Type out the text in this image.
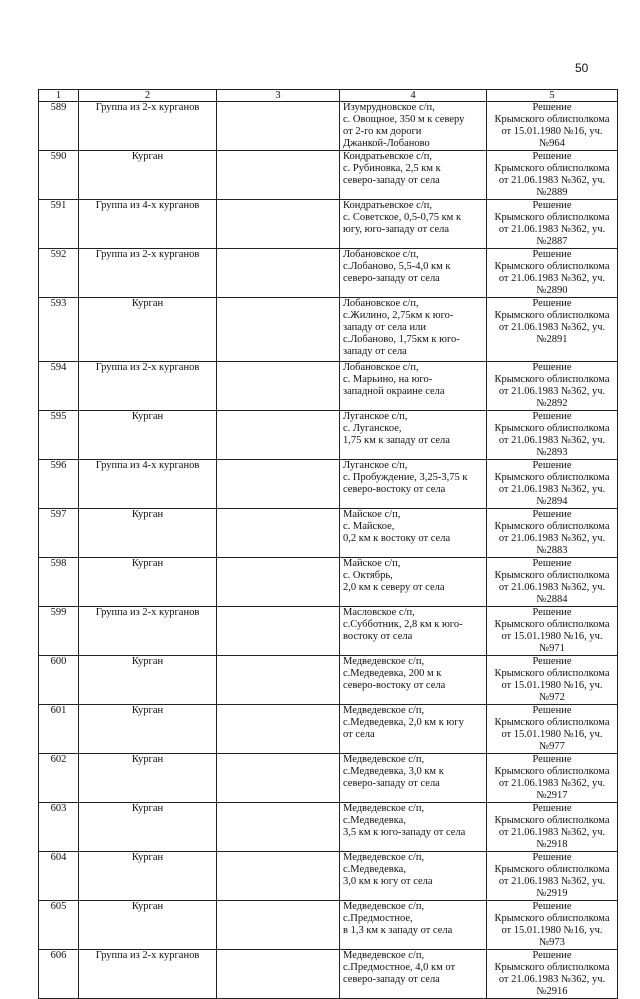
50
1	2	3	4	5
589	Группа из 2-х курганов		Изумрудновское с/п,
с. Овощное, 350 м к северу
от 2-го км дороги
Джанкой-Лобаново	Решение
Крымского облисполкома
от 15.01.1980 №16, уч.№964
590	Курган		Кондратьевское с/п,
с. Рубиновка, 2,5 км к
северо-западу от села	Решение
Крымского облисполкома
от 21.06.1983 №362, уч.№2889
591	Группа из 4-х курганов		Кондратьевское с/п,
с. Советское, 0,5-0,75 км к
югу, юго-западу от села	Решение
Крымского облисполкома
от 21.06.1983 №362, уч.№2887
592	Группа из 2-х курганов		Лобановское с/п,
с.Лобаново, 5,5-4,0 км к
северо-западу от села	Решение
Крымского облисполкома
от 21.06.1983 №362, уч.№2890
593	Курган		Лобановское с/п,
с.Жилино, 2,75км к юго-
западу от села или
с.Лобаново, 1,75км к юго-
западу от села	Решение
Крымского облисполкома
от 21.06.1983 №362, уч.№2891
594	Группа из 2-х курганов		Лобановское с/п,
с. Марьино, на юго-
западной окраине села	Решение
Крымского облисполкома
от 21.06.1983 №362, уч.№2892
595	Курган		Луганское с/п,
с. Луганское,
1,75 км к западу от села	Решение
Крымского облисполкома
от 21.06.1983 №362, уч.№2893
596	Группа из 4-х курганов		Луганское с/п,
с. Пробуждение, 3,25-3,75 к
северо-востоку от села	Решение
Крымского облисполкома
от 21.06.1983 №362, уч.№2894
597	Курган		Майское с/п,
с. Майское,
0,2 км к востоку от села	Решение
Крымского облисполкома
от 21.06.1983 №362, уч.№2883
598	Курган		Майское с/п,
с. Октябрь,
2,0 км к северу от села	Решение
Крымского облисполкома
от 21.06.1983 №362, уч.№2884
599	Группа из 2-х курганов		Масловское с/п,
с.Субботник, 2,8 км к юго-
востоку от села	Решение
Крымского облисполкома
от 15.01.1980 №16, уч.№971
600	Курган		Медведевское с/п,
с.Медведевка, 200 м к
северо-востоку от села	Решение
Крымского облисполкома
от 15.01.1980 №16, уч.№972
601	Курган		Медведевское с/п,
с.Медведевка, 2,0 км к югу
от села	Решение
Крымского облисполкома
от 15.01.1980 №16, уч.№977
602	Курган		Медведевское с/п,
с.Медведевка, 3,0 км к
северо-западу от села	Решение
Крымского облисполкома
от 21.06.1983 №362, уч.№2917
603	Курган		Медведевское с/п,
с.Медведевка,
3,5 км к юго-западу от села	Решение
Крымского облисполкома
от 21.06.1983 №362, уч.№2918
604	Курган		Медведевское с/п,
с.Медведевка,
3,0 км к югу от села	Решение
Крымского облисполкома
от 21.06.1983 №362, уч.№2919
605	Курган		Медведевское с/п,
с.Предмостное,
в 1,3 км к западу от села	Решение
Крымского облисполкома
от 15.01.1980 №16, уч.№973
606	Группа из 2-х курганов		Медведевское с/п,
с.Предмостное, 4,0 км от
северо-западу от села	Решение
Крымского облисполкома
от 21.06.1983 №362, уч.№2916
